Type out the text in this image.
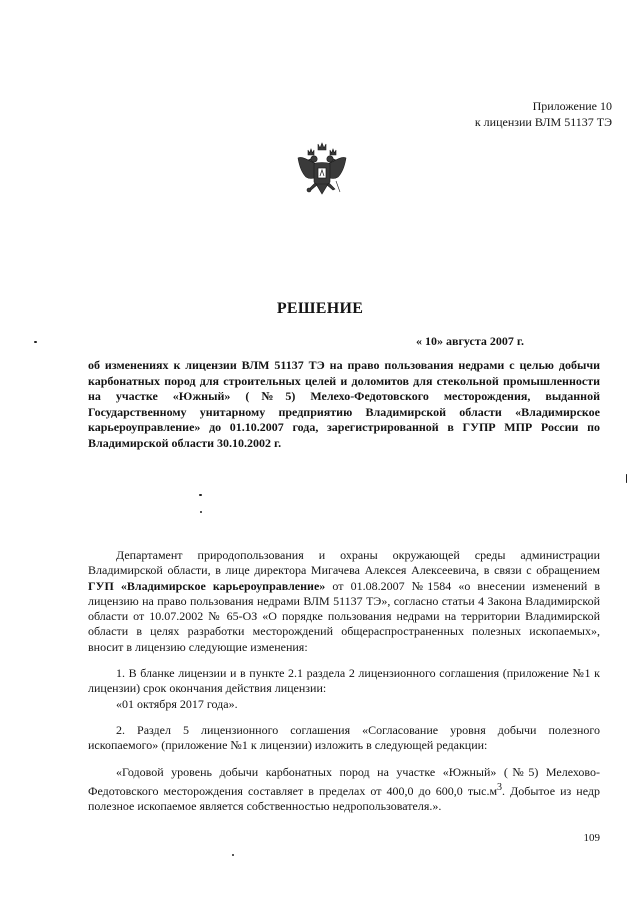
Приложение 10
к лицензии ВЛМ 51137 ТЭ
РЕШЕНИЕ
« 10» августа 2007 г.
об изменениях к лицензии ВЛМ 51137 ТЭ на право пользования недрами с целью добычи карбонатных пород для строительных целей и доломитов для стекольной промышленности на участке «Южный» (№5) Мелехо-Федотовского месторождения, выданной Государственному унитарному предприятию Владимирской области «Владимирское карьероуправление» до 01.10.2007 года, зарегистрированной в ГУПР МПР России по Владимирской области 30.10.2002 г.

Департамент природопользования и охраны окружающей среды администрации Владимирской области, в лице директора Мигачева Алексея Алексеевича, в связи с обращением ГУП «Владимирское карьероуправление» от 01.08.2007 №1584 «о внесении изменений в лицензию на право пользования недрами ВЛМ 51137 ТЭ», согласно статьи 4 Закона Владимирской области от 10.07.2002 № 65-ОЗ «О порядке пользования недрами на территории Владимирской области в целях разработки месторождений общераспространенных полезных ископаемых», вносит в лицензию следующие изменения:

1. В бланке лицензии и в пункте 2.1 раздела 2 лицензионного соглашения (приложение №1 к лицензии) срок окончания действия лицензии:

«01 октября 2017 года».

2. Раздел 5 лицензионного соглашения «Согласование уровня добычи полезного ископаемого» (приложение №1 к лицензии) изложить в следующей редакции:

«Годовой уровень добычи карбонатных пород на участке «Южный» (№5) Мелехово-Федотовского месторождения составляет в пределах от 400,0 до 600,0 $тыс.м^3$. Добытое из недр полезное ископаемое является собственностью недропользователя.».

109
